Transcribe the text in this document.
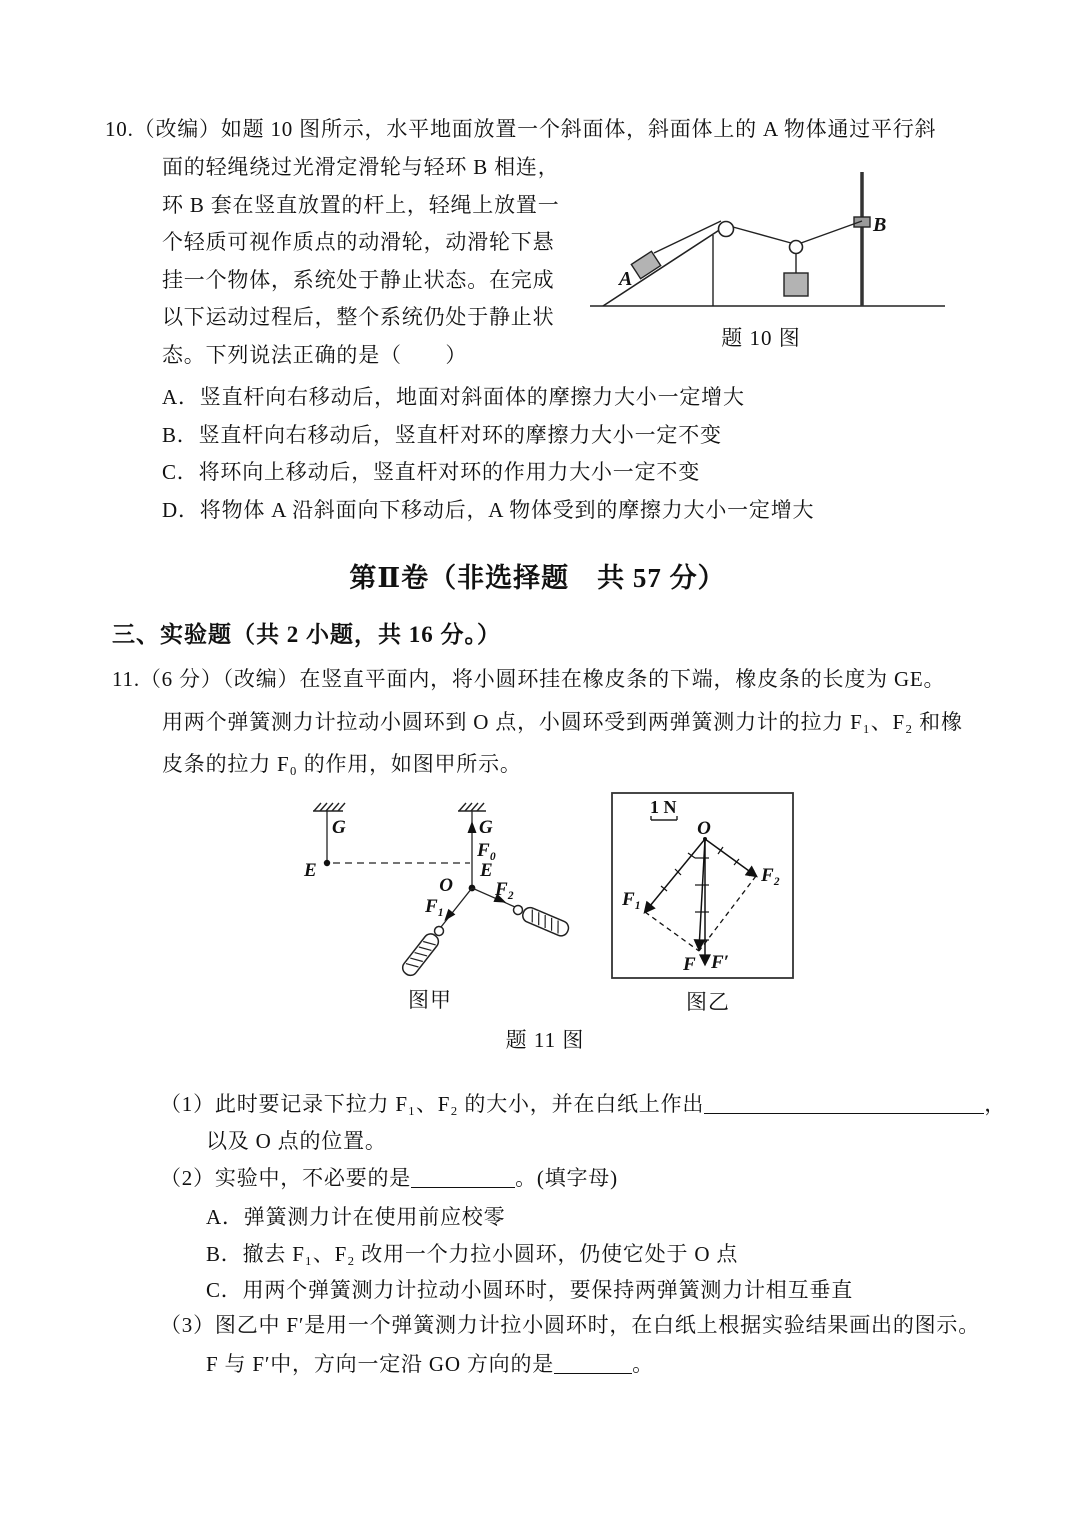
10.（改编）如题 10 图所示，水平地面放置一个斜面体，斜面体上的 A 物体通过平行斜
面的轻绳绕过光滑定滑轮与轻环 B 相连，
环 B 套在竖直放置的杆上，轻绳上放置一
个轻质可视作质点的动滑轮，动滑轮下悬
挂一个物体，系统处于静止状态。在完成
以下运动过程后，整个系统仍处于静止状
态。下列说法正确的是（　　）
A．竖直杆向右移动后，地面对斜面体的摩擦力大小一定增大
B．竖直杆向右移动后，竖直杆对环的摩擦力大小一定不变
C．将环向上移动后，竖直杆对环的作用力大小一定不变
D．将物体 A 沿斜面向下移动后，A 物体受到的摩擦力大小一定增大
A
B
题 10 图
第Ⅱ卷（非选择题　共 57 分）
三、实验题（共 2 小题，共 16 分。）
11.（6 分）（改编）在竖直平面内，将小圆环挂在橡皮条的下端，橡皮条的长度为 GE。
用两个弹簧测力计拉动小圆环到 O 点，小圆环受到两弹簧测力计的拉力 F₁、F₂ 和橡
皮条的拉力 F₀ 的作用，如图甲所示。
G
E
G
F₀
E
O
F₁
F₂
图甲
1 N
O
F₁
F₂
F F′
图乙
题 11 图
（1）此时要记录下拉力 F₁、F₂ 的大小，并在白纸上作出	，
以及 O 点的位置。
（2）实验中，不必要的是	。(填字母)
A．弹簧测力计在使用前应校零
B．撤去 F₁、F₂ 改用一个力拉小圆环，仍使它处于 O 点
C．用两个弹簧测力计拉动小圆环时，要保持两弹簧测力计相互垂直
（3）图乙中 F′是用一个弹簧测力计拉小圆环时，在白纸上根据实验结果画出的图示。
F 与 F′中，方向一定沿 GO 方向的是	。
